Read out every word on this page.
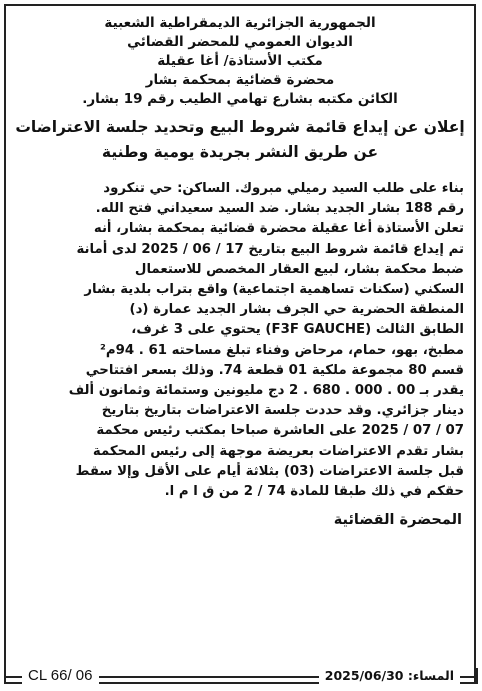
الجمهورية الجزائرية الديمقراطية الشعبية
الديوان العمومي للمحضر القضائي
مكتب الأستاذة/ أغا عقيلة
محضرة قضائية بمحكمة بشار
الكائن مكتبه بشارع تهامي الطيب رقم 19 بشار.
إعلان عن إيداع قائمة شروط البيع وتحديد جلسة الاعتراضات
عن طريق النشر بجريدة يومية وطنية
بناء على طلب السيد رميلي مبروك. الساكن: حي تنكرود
رقم 188 بشار الجديد بشار. ضد السيد سعيداني فتح الله.
تعلن الأستاذة أغا عقيلة محضرة قضائية بمحكمة بشار، أنه
تم إيداع قائمة شروط البيع بتاريخ 17 / 06 / 2025 لدى أمانة
ضبط محكمة بشار، لبيع العقار المخصص للاستعمال
السكني (سكنات تساهمية اجتماعية) واقع بتراب بلدية بشار
المنطقة الحضرية حي الجرف بشار الجديد عمارة (د)
الطابق الثالث (F3F GAUCHE) يحتوي على 3 غرف،
مطبخ، بهو، حمام، مرحاض وفناء تبلغ مساحته 61 . 94م²
قسم 80 مجموعة ملكية 01 قطعة 74. وذلك بسعر افتتاحي
يقدر بـ 00 . 000 . 680 . 2 دج مليونين وستمائة وثمانون ألف
دينار جزائري. وقد حددت جلسة الاعتراضات بتاريخ بتاريخ
07 / 07 / 2025 على العاشرة صباحا بمكتب رئيس محكمة
بشار تقدم الاعتراضات بعريضة موجهة إلى رئيس المحكمة
قبل جلسة الاعتراضات (03) بثلاثة أيام على الأقل وإلا سقط
حقكم في ذلك طبقا للمادة 74 / 2 من ق ا م ا.
المحضرة القضائية
CL 66/ 06	المساء: 2025/06/30
